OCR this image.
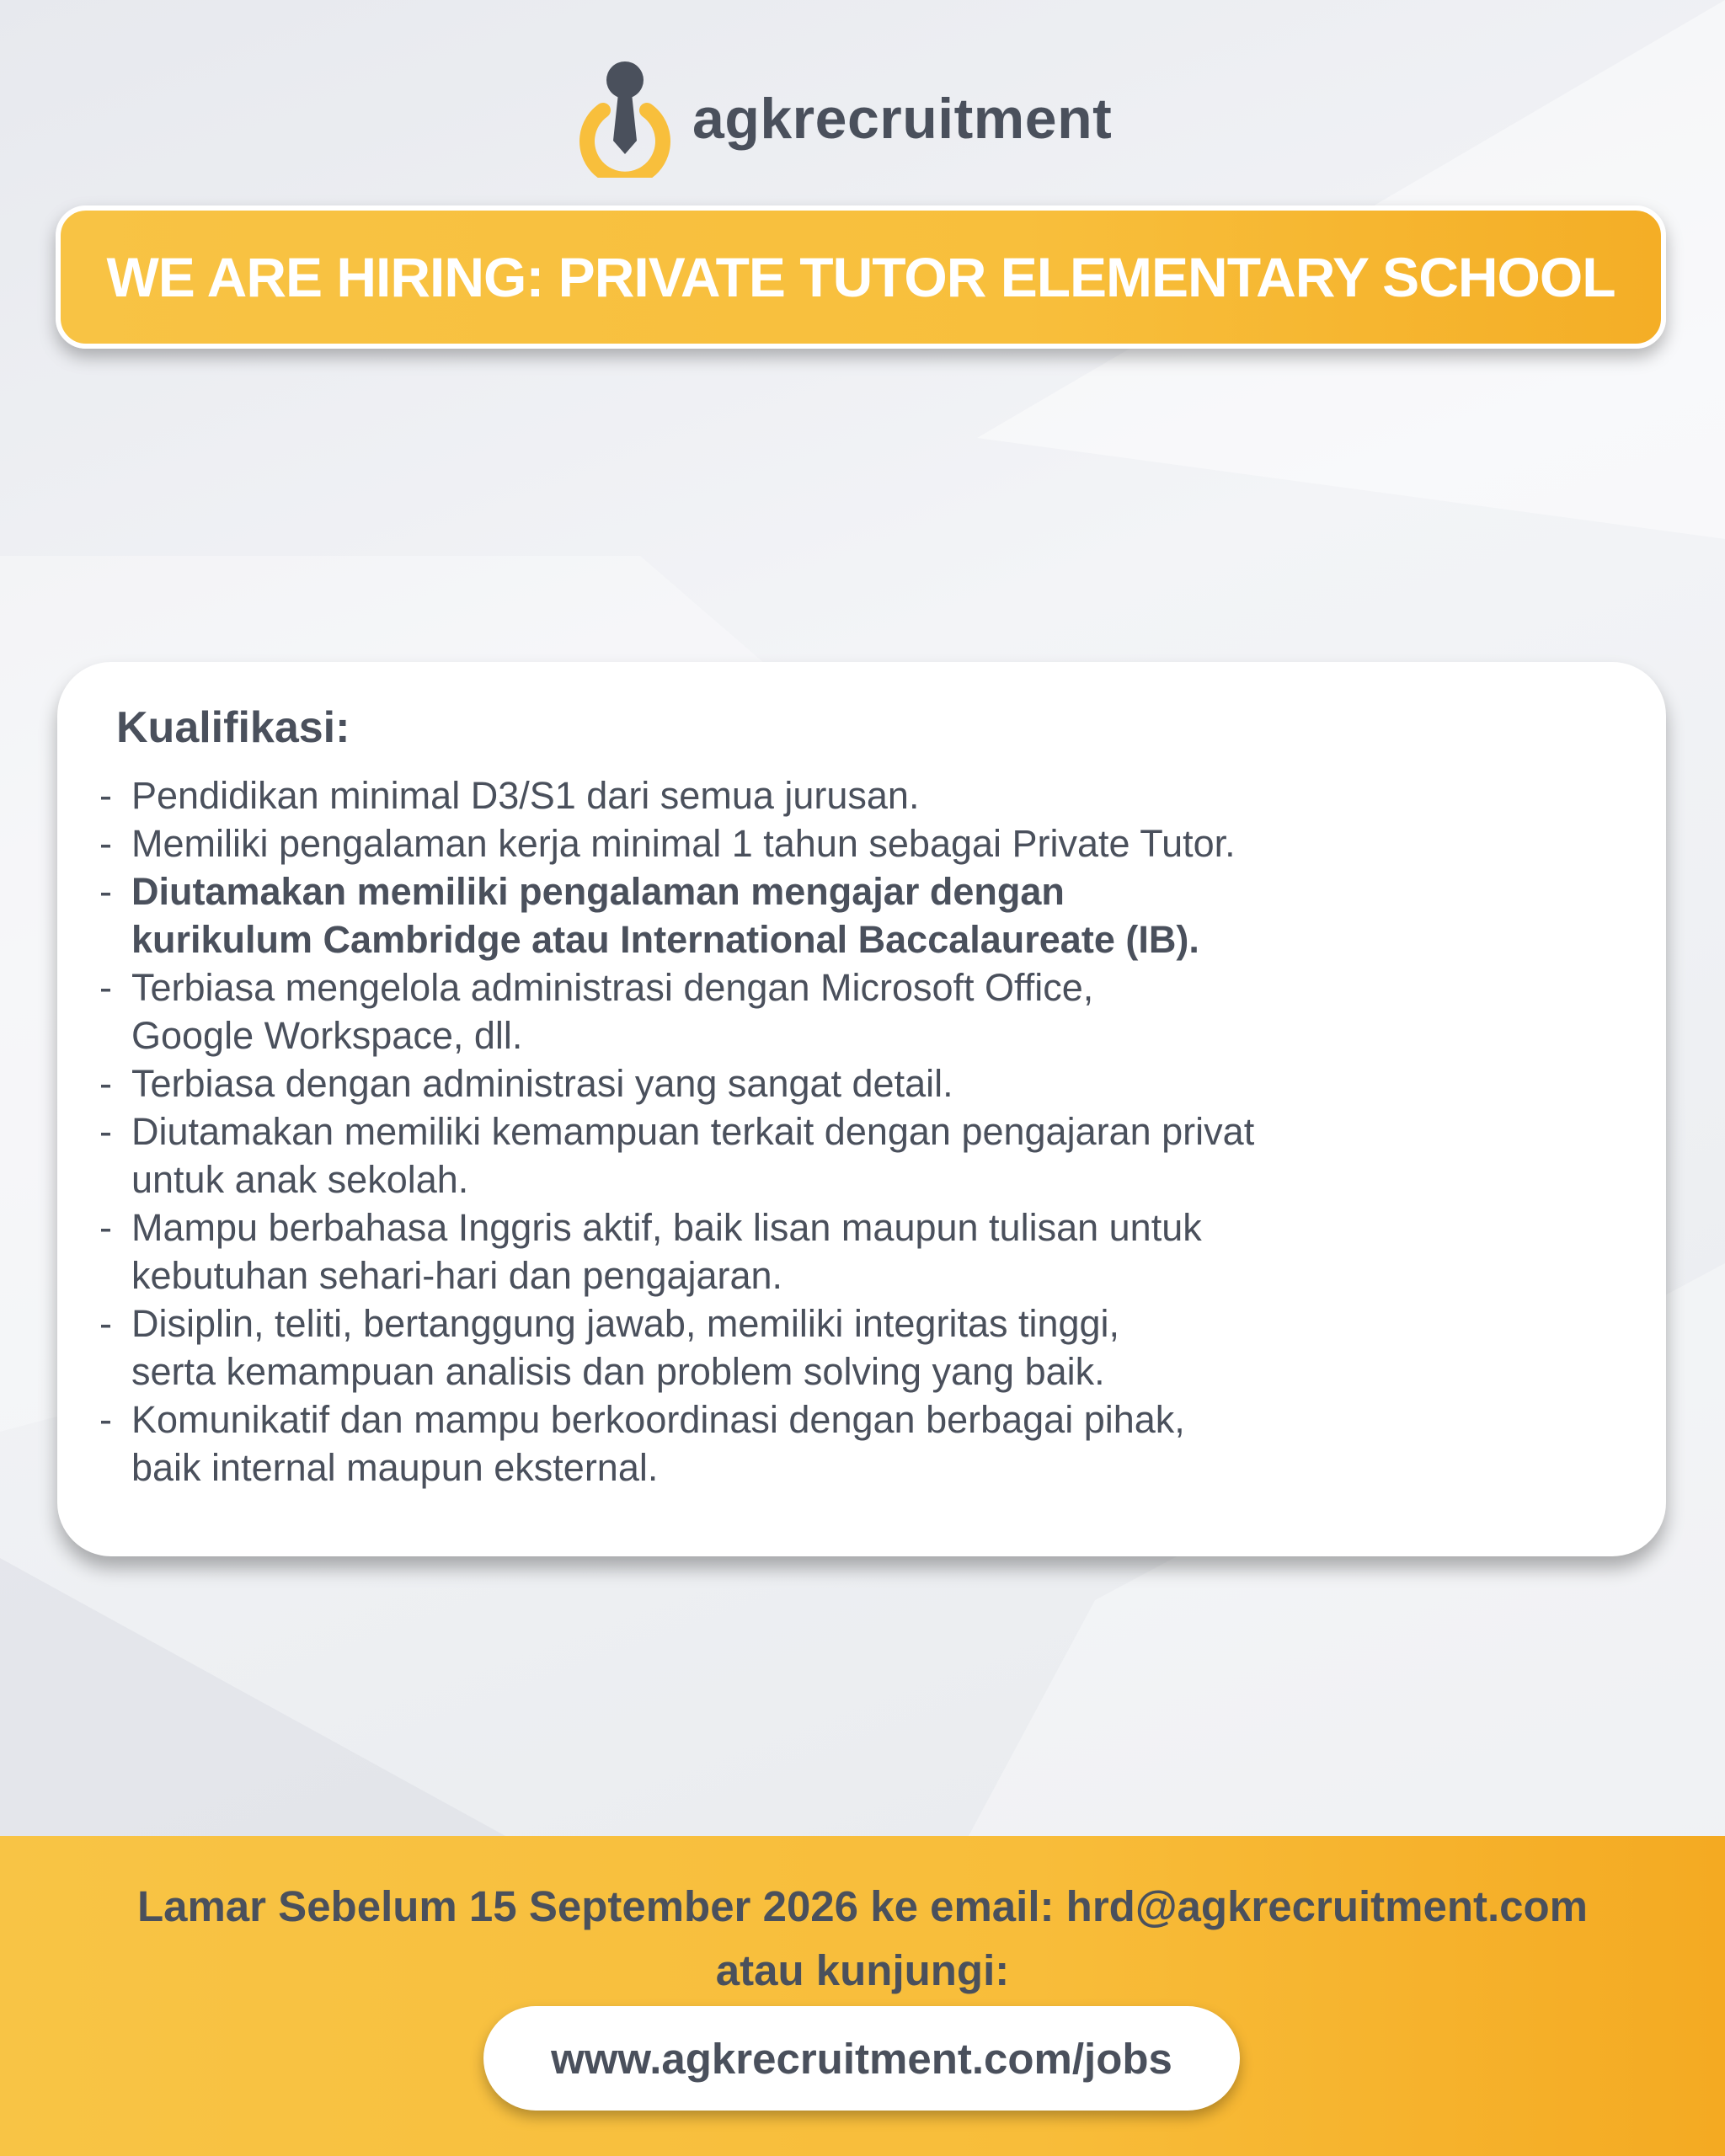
agkrecruitment
WE ARE HIRING: PRIVATE TUTOR ELEMENTARY SCHOOL
Kualifikasi:
- Pendidikan minimal D3/S1 dari semua jurusan.
- Memiliki pengalaman kerja minimal 1 tahun sebagai Private Tutor.
- Diutamakan memiliki pengalaman mengajar dengan
kurikulum Cambridge atau International Baccalaureate (IB).
- Terbiasa mengelola administrasi dengan Microsoft Office,
Google Workspace, dll.
- Terbiasa dengan administrasi yang sangat detail.
- Diutamakan memiliki kemampuan terkait dengan pengajaran privat
untuk anak sekolah.
- Mampu berbahasa Inggris aktif, baik lisan maupun tulisan untuk
kebutuhan sehari-hari dan pengajaran.
- Disiplin, teliti, bertanggung jawab, memiliki integritas tinggi,
serta kemampuan analisis dan problem solving yang baik.
- Komunikatif dan mampu berkoordinasi dengan berbagai pihak,
baik internal maupun eksternal.
Lamar Sebelum 15 September 2026 ke email: hrd@agkrecruitment.com
atau kunjungi:
www.agkrecruitment.com/jobs
